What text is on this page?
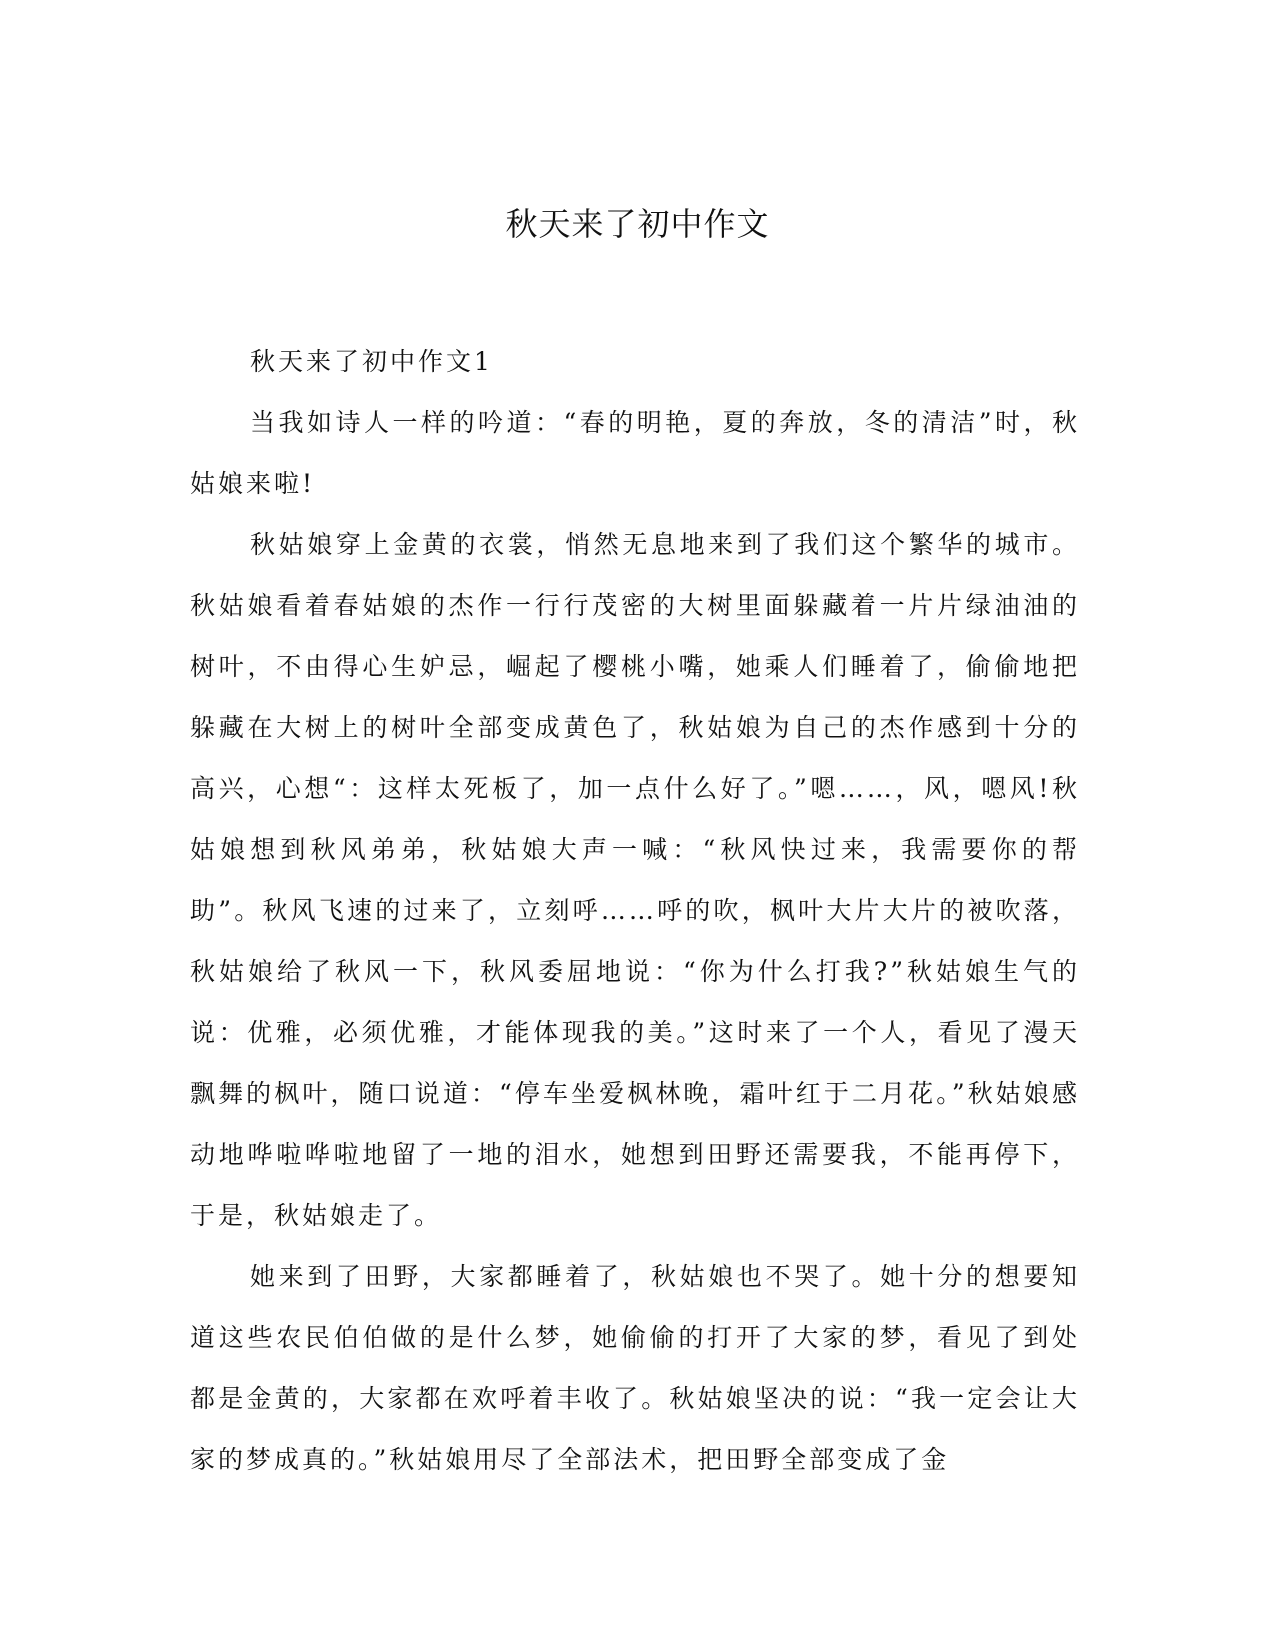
秋天来了初中作文

秋天来了初中作文1

当我如诗人一样的吟道：“春的明艳，夏的奔放，冬的清洁”时，秋姑娘来啦!

秋姑娘穿上金黄的衣裳，悄然无息地来到了我们这个繁华的城市。秋姑娘看着春姑娘的杰作一行行茂密的大树里面躲藏着一片片绿油油的树叶，不由得心生妒忌，崛起了樱桃小嘴，她乘人们睡着了，偷偷地把躲藏在大树上的树叶全部变成黄色了，秋姑娘为自己的杰作感到十分的高兴，心想“：这样太死板了，加一点什么好了。”嗯……，风，嗯风!秋姑娘想到秋风弟弟，秋姑娘大声一喊：“秋风快过来，我需要你的帮助”。秋风飞速的过来了，立刻呼……呼的吹，枫叶大片大片的被吹落，秋姑娘给了秋风一下，秋风委屈地说：“你为什么打我?”秋姑娘生气的说：优雅，必须优雅，才能体现我的美。”这时来了一个人，看见了漫天飘舞的枫叶，随口说道：“停车坐爱枫林晚，霜叶红于二月花。”秋姑娘感动地哗啦哗啦地留了一地的泪水，她想到田野还需要我，不能再停下，于是，秋姑娘走了。

她来到了田野，大家都睡着了，秋姑娘也不哭了。她十分的想要知道这些农民伯伯做的是什么梦，她偷偷的打开了大家的梦，看见了到处都是金黄的，大家都在欢呼着丰收了。秋姑娘坚决的说：“我一定会让大家的梦成真的。”秋姑娘用尽了全部法术，把田野全部变成了金
